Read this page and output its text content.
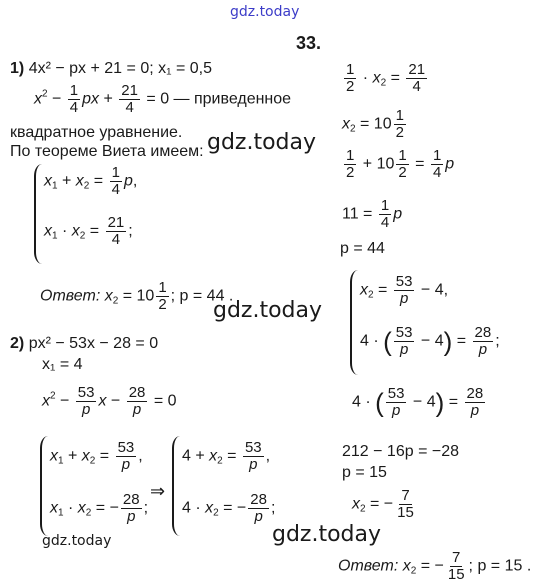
gdz.today
gdz.today
gdz.today
gdz.today	gdz.today
33.
1) 4x² − px + 21 = 0; x₁ = 0,5
$x^2 - \frac{1}{4}$ px + $\frac{21}{4} = 0$ — приведенное
квадратное уравнение.
По теореме Виета имеем:
$x_1 + x_2 = \frac{1}{4} p$,
$x_1 \cdot x_2 = \frac{21}{4}$ ;
Ответ: $x_2 = 10 \frac{1}{2}$ ; p = 44 .
$\frac{1}{2} \cdot x_2 = \frac{21}{4}$
$x_2 = 10 \frac{1}{2}$
$\frac{1}{2} + 10 \frac{1}{2} = \frac{1}{4}$ p
$11 = \frac{1}{4}$ p
p = 44
2) px² − 53x − 28 = 0
x₁ = 4
$x^2 - \frac{53}{p}$ $x - \frac{28}{p} = 0$
$x_1 + x_2 = \frac{53}{p}$ ,
$x_1 \cdot x_2$ = − $\frac{28}{p}$ ;
⇒
$4 + x_2 = \frac{53}{p}$ ,
$4 \cdot x_2$ = − $\frac{28}{p}$ ;
$x_2 = \frac{53}{p} - 4$,
4 · ( $\frac{53}{p} - 4) = \frac{28}{p}$ ;
4 · ( $\frac{53}{p} - 4) = \frac{28}{p}$
212 − 16p = −28
p = 15
$x_2$ = − $\frac{7}{15}$
Ответ: $x_2$ = − $\frac{7}{15}$ ; p = 15 .
